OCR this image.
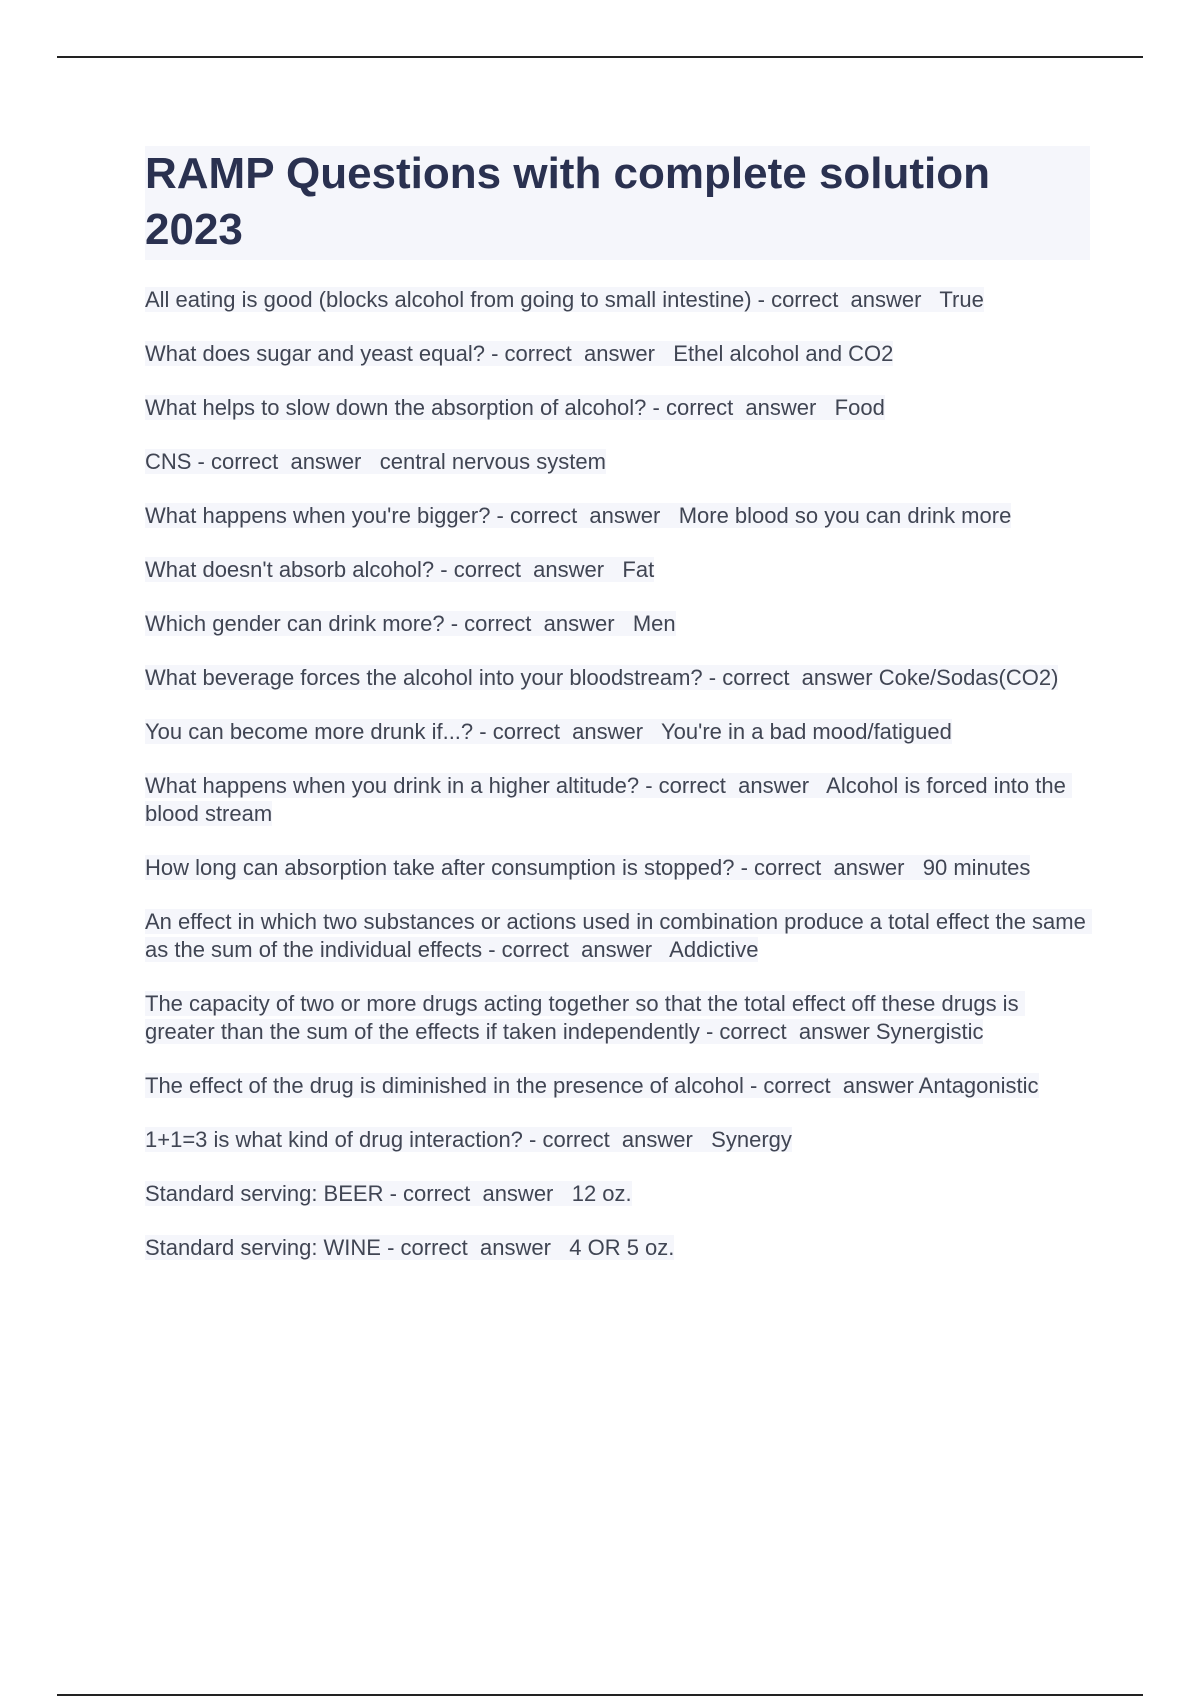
RAMP Questions with complete solution 2023

All eating is good (blocks alcohol from going to small intestine) - correct  answer   True

What does sugar and yeast equal? - correct  answer   Ethel alcohol and CO2

What helps to slow down the absorption of alcohol? - correct  answer   Food

CNS - correct  answer   central nervous system

What happens when you're bigger? - correct  answer   More blood so you can drink more

What doesn't absorb alcohol? - correct  answer   Fat

Which gender can drink more? - correct  answer   Men

What beverage forces the alcohol into your bloodstream? - correct  answer Coke/Sodas(CO2)

You can become more drunk if...? - correct  answer   You're in a bad mood/fatigued

What happens when you drink in a higher altitude? - correct  answer   Alcohol is forced into the blood stream

How long can absorption take after consumption is stopped? - correct  answer   90 minutes

An effect in which two substances or actions used in combination produce a total effect the same as the sum of the individual effects - correct  answer   Addictive

The capacity of two or more drugs acting together so that the total effect off these drugs is greater than the sum of the effects if taken independently - correct  answer Synergistic

The effect of the drug is diminished in the presence of alcohol - correct  answer Antagonistic

1+1=3 is what kind of drug interaction? - correct  answer   Synergy

Standard serving: BEER - correct  answer   12 oz.

Standard serving: WINE - correct  answer   4 OR 5 oz.
